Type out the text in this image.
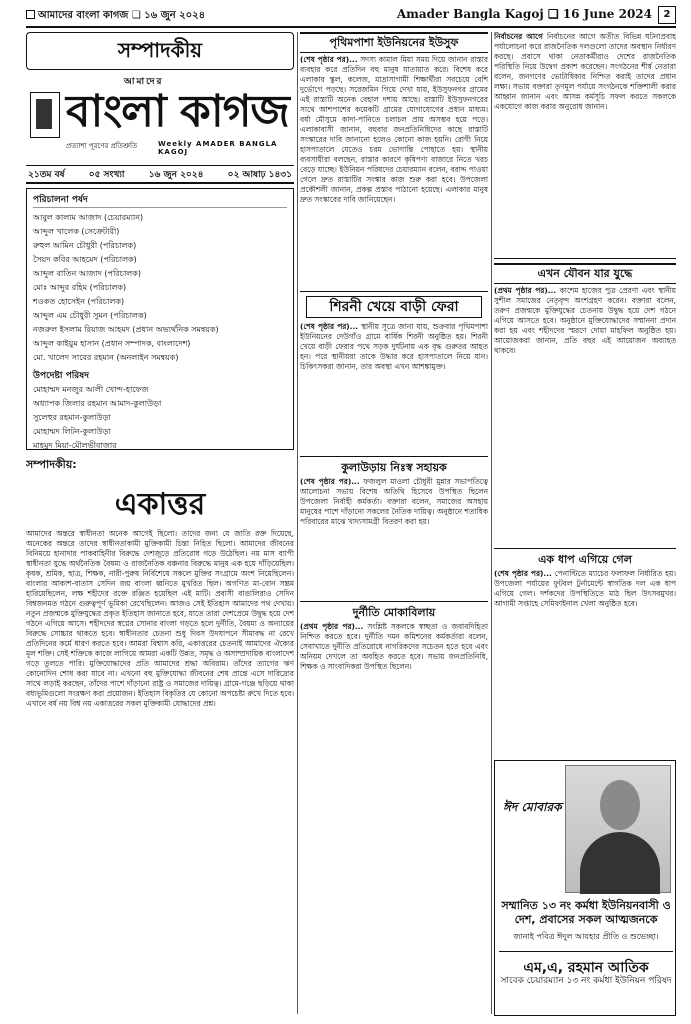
আমাদের বাংলা কাগজ ❑ ১৬ জুন ২০২৪	Amader Bangla Kagoj ❑ 16 June 2024	2
সম্পাদকীয়
আমাদের
বাংলা কাগজ
প্রত্যাশা পূরণের প্রতিশ্রুতি	Weekly AMADER BANGLA KAGOJ
২১তম বর্ষ	০৫ সংখ্যা	১৬ জুন ২০২৪	০২ আষাঢ় ১৪৩১
পরিচালনা পর্ষদ
আবুল কালাম আজাদ (চেয়ারম্যান)
আব্দুল খালেক (সেক্রেটারী)
রুহুল আমিন চৌধুরী (পরিচালক)
সৈয়দ কবির আহমেদ (পরিচালক)
আব্দুল বাতিন আজাদ (পরিচালক)
মোঃ আব্দুর রহিম (পরিচালক)
শওকত হোসেইন (পরিচালক)
আব্দুল এম চৌধুরী সুমন (পরিচালক)
নজরুল ইসলাম রিয়াজ আহমদ (প্রধান অভ্যর্থনিক সমন্বয়ক)
আব্দুল কাইয়ুম হাসান (প্রধান সম্পাদক, বাংলাদেশ)
মো. খালেদ সাবের রহমান (অনলাইন সমন্বয়ক)
উপদেষ্টা পরিষদ
মোহাম্মদ মনজুর আলী খোন্দ-হাফেজ
অধ্যাপক জিলার রহমান আমাদ-কুলাউড়া
সুলেহুর রহমান-কুলাউড়া
মোহাম্মদ লিটন-কুলাউড়া
মাহমুদ মিয়া-মৌলভীবাজার
সম্পাদকীয়:
একাত্তর
আমাদের অন্তরে স্বাধীনতা অনেক আগেই ছিলো। তাদের জন্য যে জাতি রক্ত দিয়েছে, অনেকের অন্তরে তাদের স্বাধীনতাকামী মুক্তিকামী চিন্তা নিহিত ছিলো। আমাদের জীবনের বিনিময়ে হানাদার পাকবাহিনীর বিরুদ্ধে দেশজুড়ে প্রতিরোধ গড়ে উঠেছিল। নয় মাস ব্যাপী স্বাধীনতা যুদ্ধে অর্থনৈতিক বৈষম্য ও রাজনৈতিক বঞ্চনার বিরুদ্ধে মানুষ এক হয়ে দাঁড়িয়েছিল। কৃষক, শ্রমিক, ছাত্র, শিক্ষক, নারী-পুরুষ নির্বিশেষে সকলে মুক্তির সংগ্রামে অংশ নিয়েছিলেন। বাংলার আকাশ-বাতাস সেদিন জয় বাংলা ধ্বনিতে মুখরিত ছিল। অগণিত মা-বোন সম্ভ্রম হারিয়েছিলেন, লক্ষ শহীদের রক্তে রঞ্জিত হয়েছিল এই মাটি। প্রবাসী বাঙালিরাও সেদিন বিশ্বজনমত গঠনে গুরুত্বপূর্ণ ভূমিকা রেখেছিলেন। আজও সেই ইতিহাস আমাদের পথ দেখায়। নতুন প্রজন্মকে মুক্তিযুদ্ধের প্রকৃত ইতিহাস জানাতে হবে, যাতে তারা দেশপ্রেমে উদ্বুদ্ধ হয়ে দেশ গঠনে এগিয়ে আসে। শহীদদের স্বপ্নের সোনার বাংলা গড়তে হলে দুর্নীতি, বৈষম্য ও অন্যায়ের বিরুদ্ধে সোচ্চার থাকতে হবে। স্বাধীনতার চেতনা শুধু দিবস উদযাপনে সীমাবদ্ধ না রেখে প্রতিদিনের কর্মে ধারণ করতে হবে। আমরা বিশ্বাস করি, একাত্তরের চেতনাই আমাদের ঐক্যের মূল শক্তি। সেই শক্তিকে কাজে লাগিয়ে আমরা একটি উন্নত, সমৃদ্ধ ও অসাম্প্রদায়িক বাংলাদেশ গড়ে তুলতে পারি। মুক্তিযোদ্ধাদের প্রতি আমাদের শ্রদ্ধা অবিরাম। তাঁদের ত্যাগের ঋণ কোনোদিন শোধ করা যাবে না। এখনো বহু মুক্তিযোদ্ধা জীবনের শেষ প্রান্তে এসে দারিদ্র্যের সাথে লড়াই করছেন, তাঁদের পাশে দাঁড়ানো রাষ্ট্র ও সমাজের দায়িত্ব। গ্রামে-গঞ্জে ছড়িয়ে থাকা বধ্যভূমিগুলো সংরক্ষণ করা প্রয়োজন। ইতিহাস বিকৃতির যে কোনো অপচেষ্টা রুখে দিতে হবে। এখানে বর্ষ নয় বিশ্ব নয় একাত্তরের সকল মুক্তিকামী যোদ্ধাদের প্রশ্ন।
পৃথিমপাশা ইউনিয়নের ইউসুফ
(শেষ পৃষ্ঠার পর)... সদস্য কামাল মিয়া সময় দিয়ে জানান রাস্তার ব্যবহার করে প্রতিদিন বহু মানুষ যাতায়াত করে। বিশেষ করে এলাকার স্কুল, কলেজ, মাদ্রাসাগামী শিক্ষার্থীরা সবচেয়ে বেশি দুর্ভোগে পড়ছে। সরেজমিন গিয়ে দেখা যায়, ইউসুফনগর গ্রামের এই রাস্তাটি অনেক বেহাল দশায় আছে। রাস্তাটি ইউসুফনগরের সাথে আশপাশের কয়েকটি গ্রামের যোগাযোগের প্রধান মাধ্যম। বর্ষা মৌসুমে কাদা-পানিতে চলাচল প্রায় অসম্ভব হয়ে পড়ে। এলাকাবাসী জানান, বহুবার জনপ্রতিনিধিদের কাছে রাস্তাটি সংস্কারের দাবি জানানো হলেও কোনো কাজ হয়নি। রোগী নিয়ে হাসপাতালে যেতেও চরম ভোগান্তি পোহাতে হয়। স্থানীয় ব্যবসায়ীরা বলছেন, রাস্তার কারণে কৃষিপণ্য বাজারে নিতে খরচ বেড়ে যাচ্ছে। ইউনিয়ন পরিষদের চেয়ারম্যান বলেন, বরাদ্দ পাওয়া গেলে দ্রুত রাস্তাটির সংস্কার কাজ শুরু করা হবে। উপজেলা প্রকৌশলী জানান, প্রকল্প প্রস্তাব পাঠানো হয়েছে। এলাকার মানুষ দ্রুত সংস্কারের দাবি জানিয়েছেন।
শিরনী খেয়ে বাড়ী ফেরা
(শেষ পৃষ্ঠার পর)... স্থানীয় সূত্রে জানা যায়, শুক্রবার পৃথিমপাশা ইউনিয়নের দেউগাঁও গ্রামে বার্ষিক শিরনী অনুষ্ঠিত হয়। শিরনী খেয়ে বাড়ী ফেরার পথে সড়ক দুর্ঘটনায় এক বৃদ্ধ গুরুতর আহত হন। পরে স্থানীয়রা তাকে উদ্ধার করে হাসপাতালে নিয়ে যান। চিকিৎসকরা জানান, তার অবস্থা এখন আশঙ্কামুক্ত।
কুলাউড়ায় নিঃস্ব সহায়ক
(শেষ পৃষ্ঠার পর)... ফজলুল মাওলা চৌধুরী মুন্নার সভাপতিত্বে আলোচনা সভায় বিশেষ অতিথি হিসেবে উপস্থিত ছিলেন উপজেলা নির্বাহী কর্মকর্তা। বক্তারা বলেন, সমাজের অসহায় মানুষের পাশে দাঁড়ানো সকলের নৈতিক দায়িত্ব। অনুষ্ঠানে শতাধিক পরিবারের মাঝে খাদ্যসামগ্রী বিতরণ করা হয়।
দুর্নীতি মোকাবিলায়
(প্রথম পৃষ্ঠার পর)... সংশ্লিষ্ট সকলকে স্বচ্ছতা ও জবাবদিহিতা নিশ্চিত করতে হবে। দুর্নীতি দমন কমিশনের কর্মকর্তারা বলেন, সেবাখাতে দুর্নীতি প্রতিরোধে নাগরিকদের সচেতন হতে হবে এবং অনিয়ম দেখলে তা অবহিত করতে হবে। সভায় জনপ্রতিনিধি, শিক্ষক ও সাংবাদিকরা উপস্থিত ছিলেন।
নির্বাচনের আগে নির্বাচনের আগে অতীত বিভিন্ন ঘটনাপ্রবাহ পর্যালোচনা করে রাজনৈতিক দলগুলো তাদের অবস্থান নির্ধারণ করছে। প্রবাসে থাকা নেতাকর্মীরাও দেশের রাজনৈতিক পরিস্থিতি নিয়ে উদ্বেগ প্রকাশ করেছেন। সংগঠনের শীর্ষ নেতারা বলেন, জনগণের ভোটাধিকার নিশ্চিত করাই তাদের প্রধান লক্ষ্য। সভায় বক্তারা তৃণমূল পর্যায়ে সংগঠনকে শক্তিশালী করার আহ্বান জানান এবং আসন্ন কর্মসূচি সফল করতে সকলকে একযোগে কাজ করার অনুরোধ জানান।
এখন যৌবন যার যুদ্ধে
(প্রথম পৃষ্ঠার পর)... কাশেম হাজের পুত্র প্রেরণা এবং স্থানীয় সুশীল সমাজের নেতৃবৃন্দ অংশগ্রহণ করেন। বক্তারা বলেন, তরুণ প্রজন্মকে মুক্তিযুদ্ধের চেতনায় উদ্বুদ্ধ হয়ে দেশ গঠনে এগিয়ে আসতে হবে। অনুষ্ঠানে মুক্তিযোদ্ধাদের সম্মাননা প্রদান করা হয় এবং শহীদদের স্মরণে দোয়া মাহফিল অনুষ্ঠিত হয়। আয়োজকরা জানান, প্রতি বছর এই আয়োজন অব্যাহত থাকবে।
এক ধাপ এগিয়ে গেল
(শেষ পৃষ্ঠার পর)... পেনাল্টিতে ম্যাচের ফলাফল নির্ধারিত হয়। উপজেলা পর্যায়ের ফুটবল টুর্নামেন্টে স্বাগতিক দল এক ধাপ এগিয়ে গেল। দর্শকদের উপস্থিতিতে মাঠ ছিল উৎসবমুখর। আগামী সপ্তাহে সেমিফাইনাল খেলা অনুষ্ঠিত হবে।
ঈদ মোবারক
সম্মানিত ১৩ নং কর্মধা ইউনিয়নবাসী ও দেশ, প্রবাসের সকল আত্মজনকে
জানাই পবিত্র ঈদুল আযহার প্রীতি ও শুভেচ্ছা।
এম,এ, রহমান আতিক
সাবেক চেয়ারম্যান ১৩ নং কর্মধা ইউনিয়ন পরিষদ
